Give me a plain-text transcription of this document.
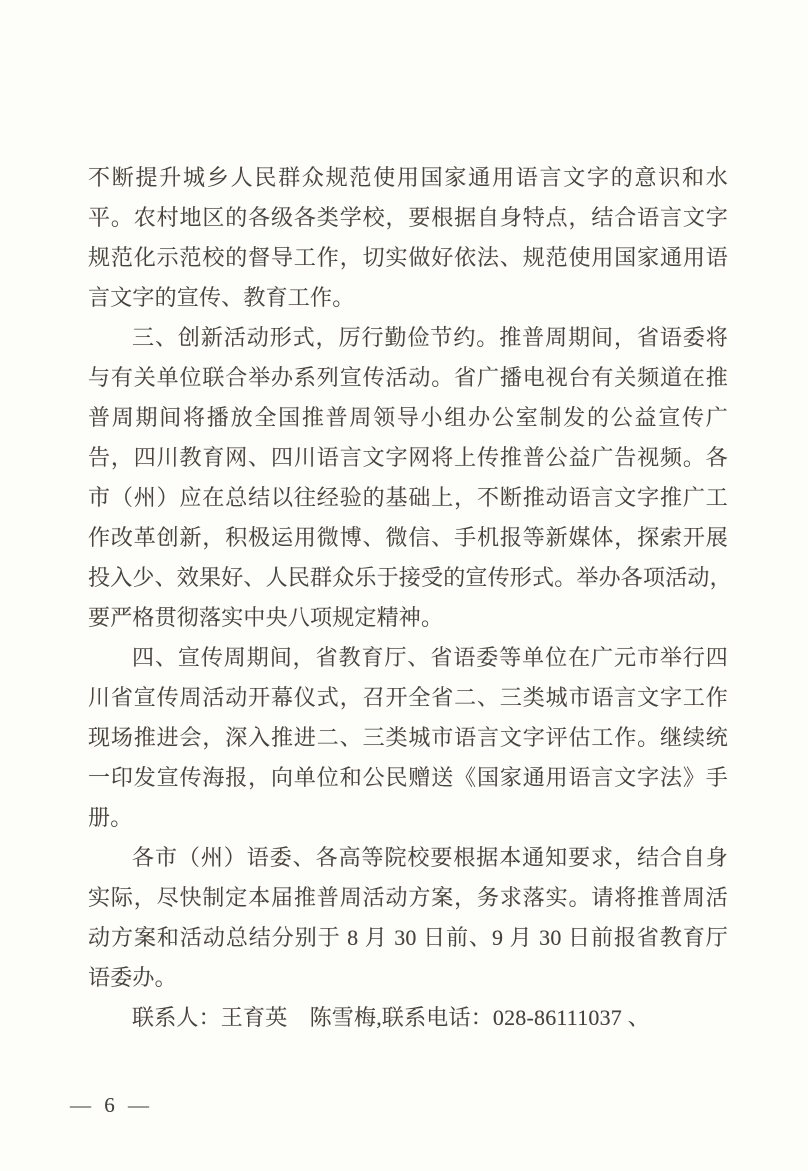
不断提升城乡人民群众规范使用国家通用语言文字的意识和水
平。农村地区的各级各类学校，要根据自身特点，结合语言文字
规范化示范校的督导工作，切实做好依法、规范使用国家通用语
言文字的宣传、教育工作。
三、创新活动形式，厉行勤俭节约。推普周期间，省语委将
与有关单位联合举办系列宣传活动。省广播电视台有关频道在推
普周期间将播放全国推普周领导小组办公室制发的公益宣传广
告，四川教育网、四川语言文字网将上传推普公益广告视频。各
市（州）应在总结以往经验的基础上，不断推动语言文字推广工
作改革创新，积极运用微博、微信、手机报等新媒体，探索开展
投入少、效果好、人民群众乐于接受的宣传形式。举办各项活动，
要严格贯彻落实中央八项规定精神。
四、宣传周期间，省教育厅、省语委等单位在广元市举行四
川省宣传周活动开幕仪式，召开全省二、三类城市语言文字工作
现场推进会，深入推进二、三类城市语言文字评估工作。继续统
一印发宣传海报，向单位和公民赠送《国家通用语言文字法》手
册。
各市（州）语委、各高等院校要根据本通知要求，结合自身
实际，尽快制定本届推普周活动方案，务求落实。请将推普周活
动方案和活动总结分别于 8 月 30 日前、9 月 30 日前报省教育厅
语委办。
联系人：王育英　陈雪梅,联系电话：028-86111037 、
— 6 —
